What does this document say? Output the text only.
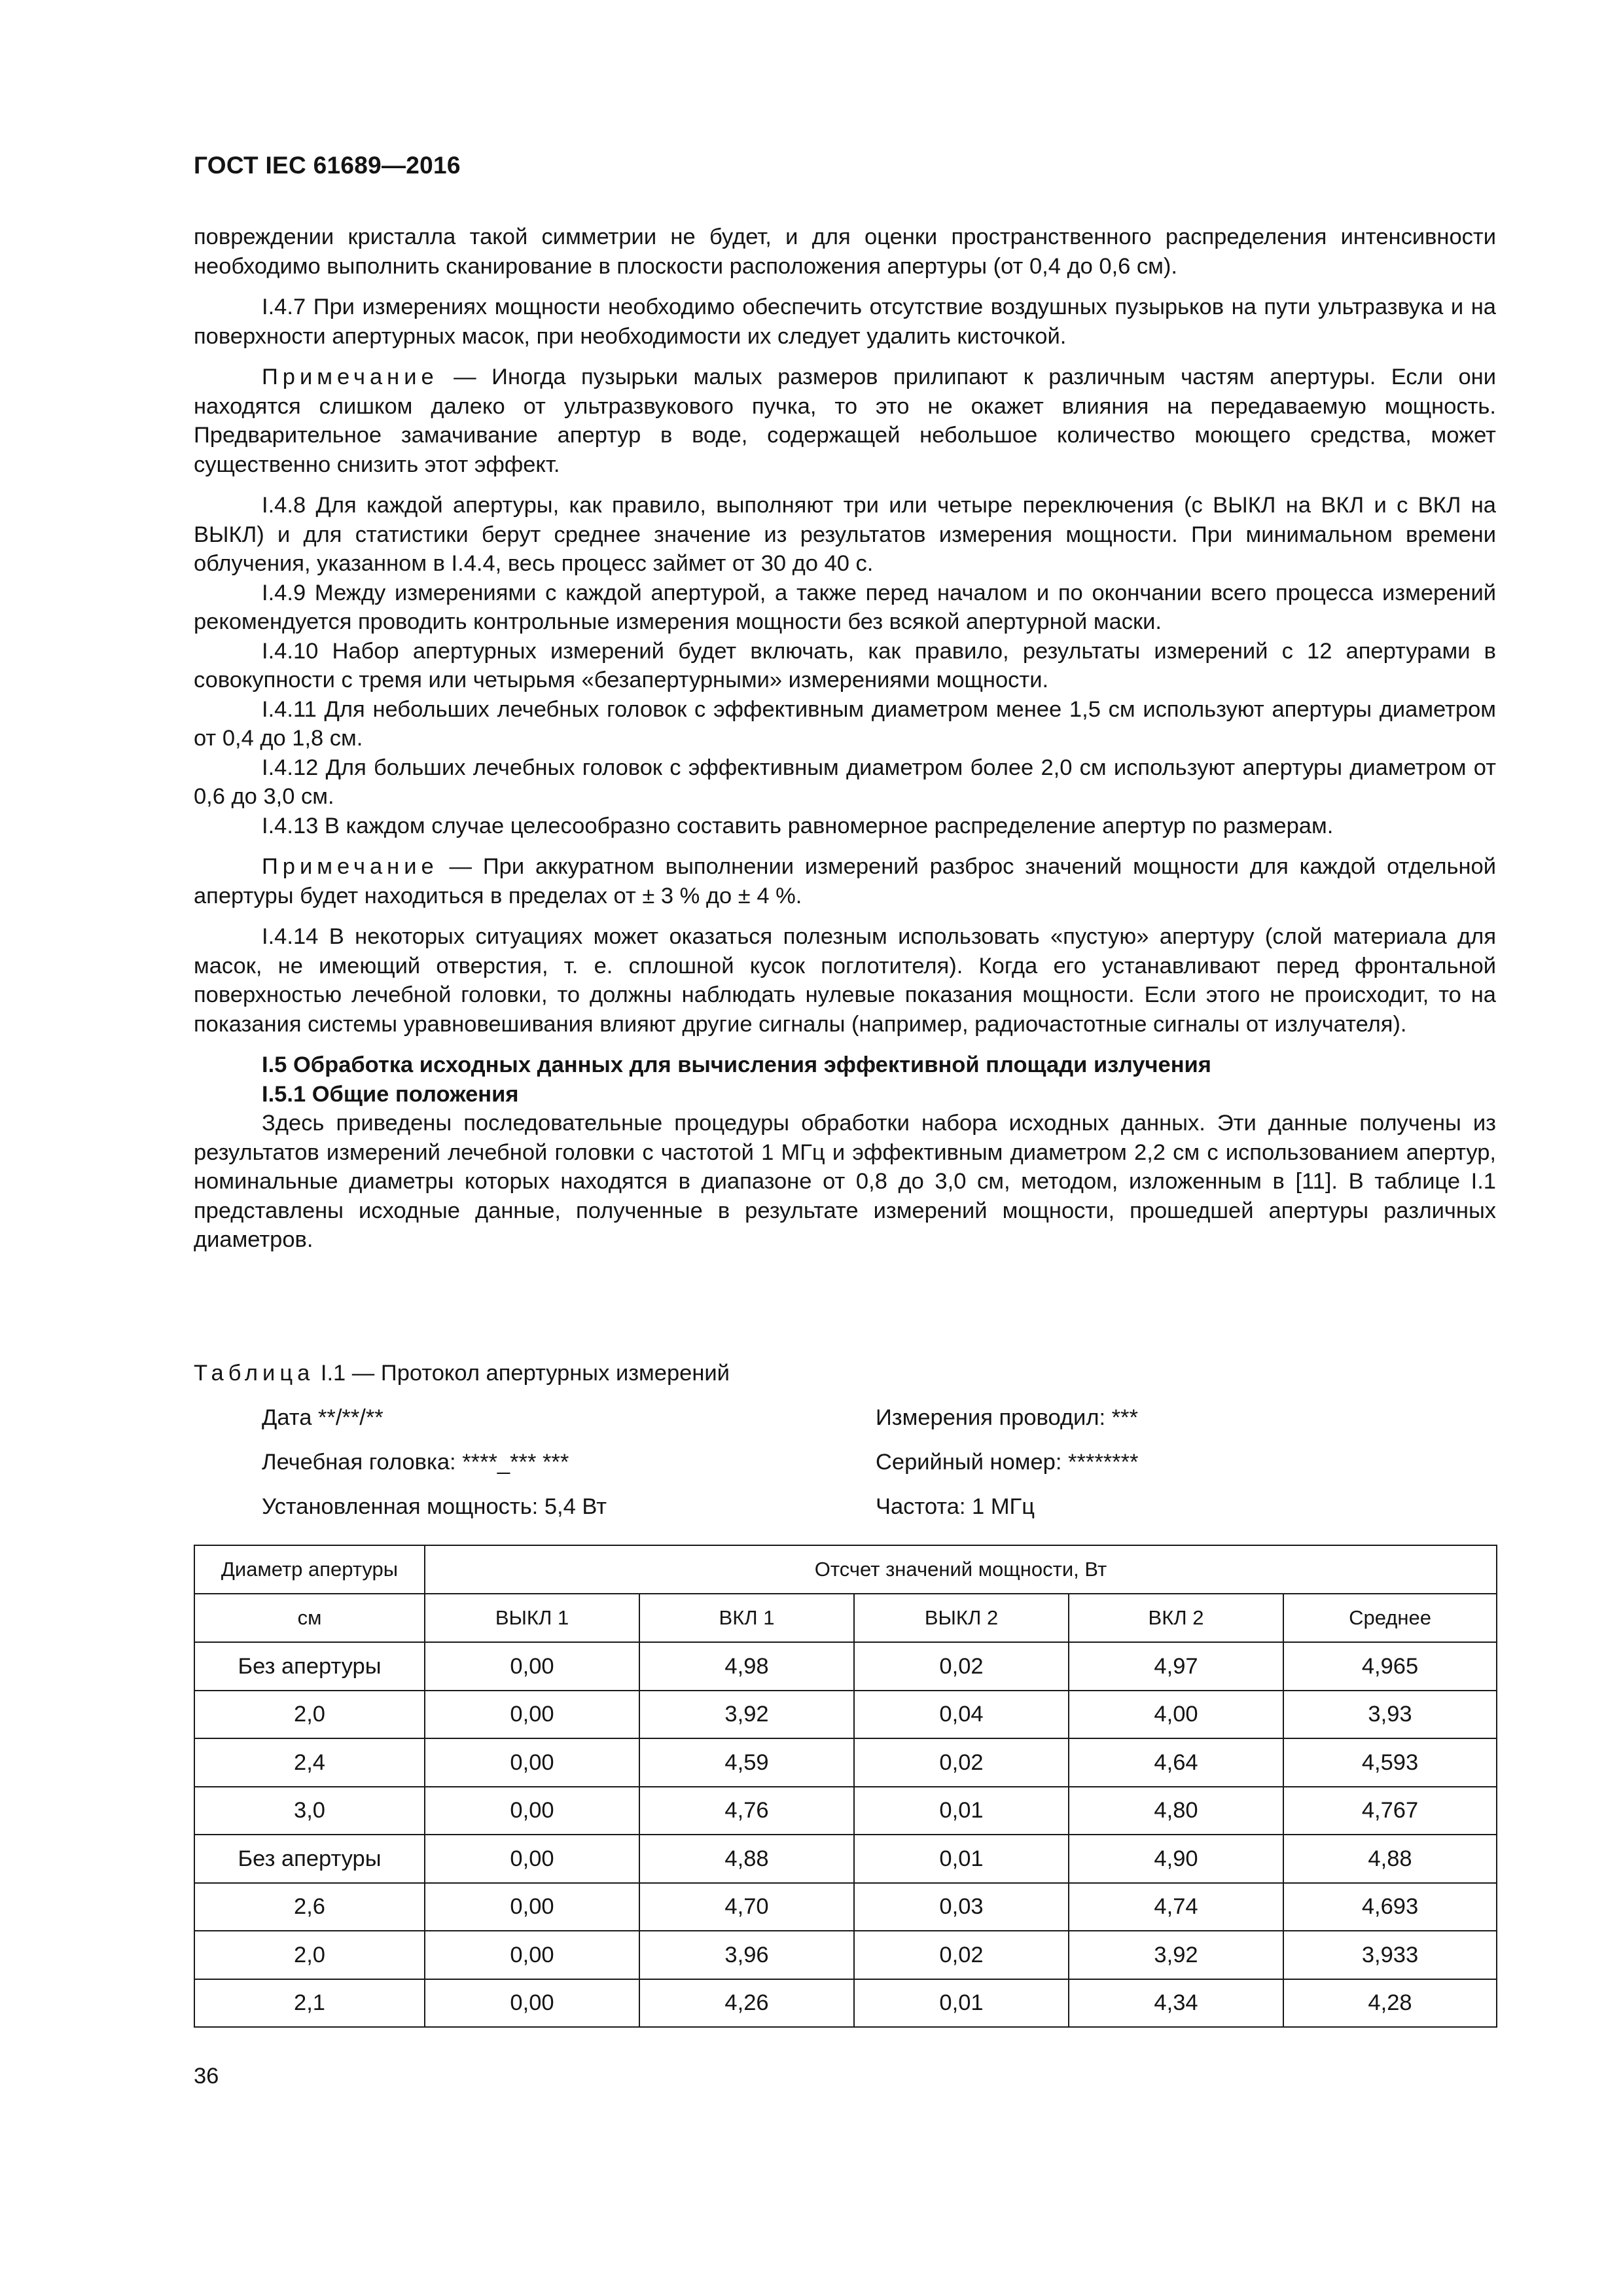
ГОСТ IEC 61689—2016

повреждении кристалла такой симметрии не будет, и для оценки пространственного распределения интенсивности необходимо выполнить сканирование в плоскости расположения апертуры (от 0,4 до 0,6 см).

I.4.7 При измерениях мощности необходимо обеспечить отсутствие воздушных пузырьков на пути ультразвука и на поверхности апертурных масок, при необходимости их следует удалить кисточкой.

Примечание — Иногда пузырьки малых размеров прилипают к различным частям апертуры. Если они находятся слишком далеко от ультразвукового пучка, то это не окажет влияния на передаваемую мощность. Предварительное замачивание апертур в воде, содержащей небольшое количество моющего средства, может существенно снизить этот эффект.

I.4.8 Для каждой апертуры, как правило, выполняют три или четыре переключения (с ВЫКЛ на ВКЛ и с ВКЛ на ВЫКЛ) и для статистики берут среднее значение из результатов измерения мощности. При минимальном времени облучения, указанном в I.4.4, весь процесс займет от 30 до 40 с.

I.4.9 Между измерениями с каждой апертурой, а также перед началом и по окончании всего процесса измерений рекомендуется проводить контрольные измерения мощности без всякой апертурной маски.

I.4.10 Набор апертурных измерений будет включать, как правило, результаты измерений с 12 апертурами в совокупности с тремя или четырьмя «безапертурными» измерениями мощности.

I.4.11 Для небольших лечебных головок с эффективным диаметром менее 1,5 см используют апертуры диаметром от 0,4 до 1,8 см.

I.4.12 Для больших лечебных головок с эффективным диаметром более 2,0 см используют апертуры диаметром от 0,6 до 3,0 см.

I.4.13 В каждом случае целесообразно составить равномерное распределение апертур по размерам.

Примечание — При аккуратном выполнении измерений разброс значений мощности для каждой отдельной апертуры будет находиться в пределах от ± 3 % до ± 4 %.

I.4.14 В некоторых ситуациях может оказаться полезным использовать «пустую» апертуру (слой материала для масок, не имеющий отверстия, т. е. сплошной кусок поглотителя). Когда его устанавливают перед фронтальной поверхностью лечебной головки, то должны наблюдать нулевые показания мощности. Если этого не происходит, то на показания системы уравновешивания влияют другие сигналы (например, радиочастотные сигналы от излучателя).

I.5 Обработка исходных данных для вычисления эффективной площади излучения

I.5.1 Общие положения

Здесь приведены последовательные процедуры обработки набора исходных данных. Эти данные получены из результатов измерений лечебной головки с частотой 1 МГц и эффективным диаметром 2,2 см с использованием апертур, номинальные диаметры которых находятся в диапазоне от 0,8 до 3,0 см, методом, изложенным в [11]. В таблице I.1 представлены исходные данные, полученные в результате измерений мощности, прошедшей апертуры различных диаметров.

Таблица I.1 — Протокол апертурных измерений
Дата **/**/**	Измерения проводил: ***
Лечебная головка: ****_*** ***	Серийный номер: ********
Установленная мощность: 5,4 Вт	Частота: 1 МГц
Диаметр апертуры	Отсчет значений мощности, Вт				
см	ВЫКЛ 1	ВКЛ 1	ВЫКЛ 2	ВКЛ 2	Среднее
Без апертуры	0,00	4,98	0,02	4,97	4,965
2,0	0,00	3,92	0,04	4,00	3,93
2,4	0,00	4,59	0,02	4,64	4,593
3,0	0,00	4,76	0,01	4,80	4,767
Без апертуры	0,00	4,88	0,01	4,90	4,88
2,6	0,00	4,70	0,03	4,74	4,693
2,0	0,00	3,96	0,02	3,92	3,933
2,1	0,00	4,26	0,01	4,34	4,28
36
